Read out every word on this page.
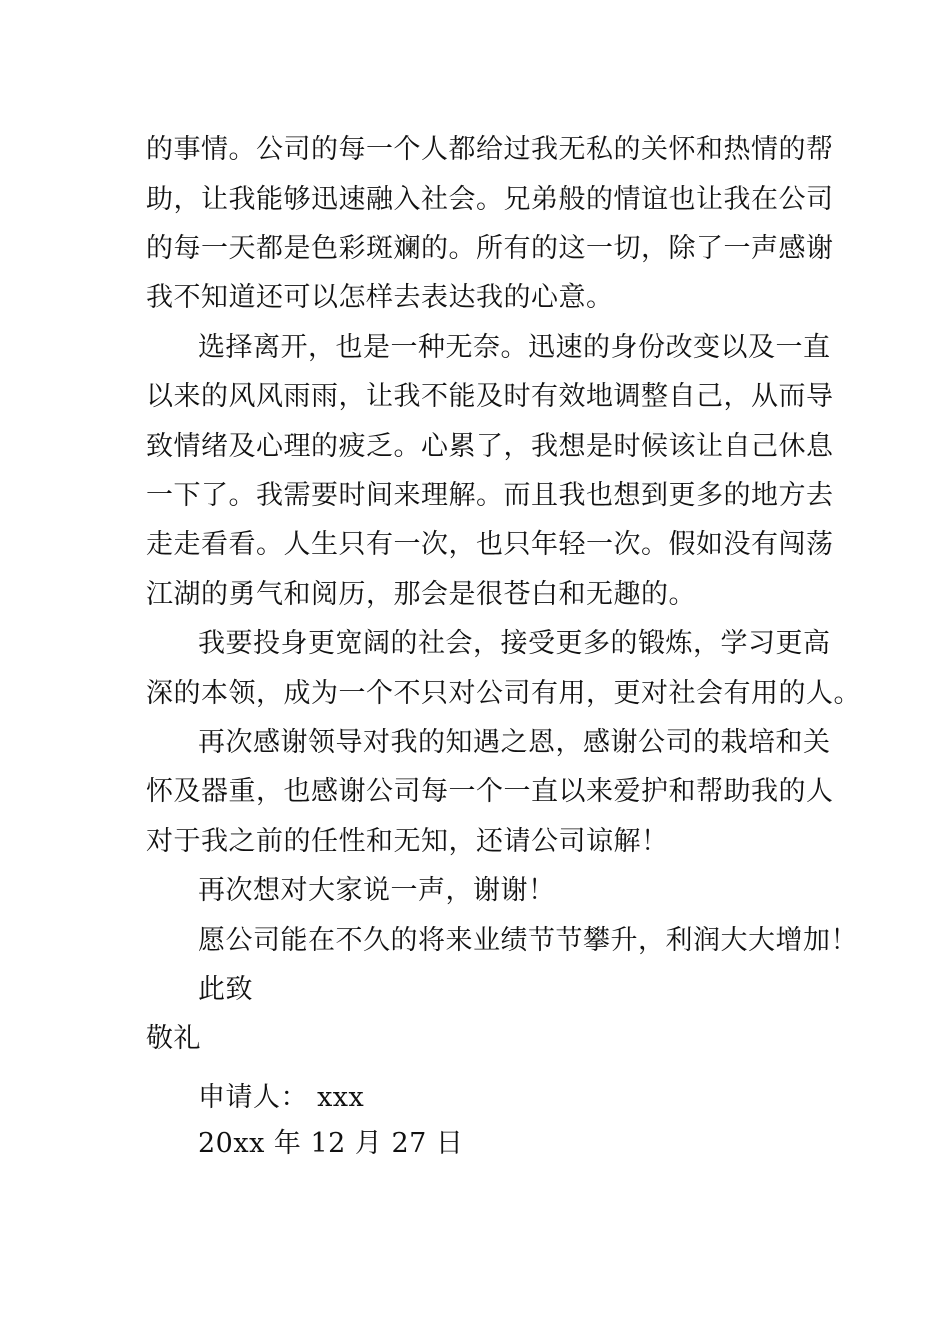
的事情。公司的每一个人都给过我无私的关怀和热情的帮
助，让我能够迅速融入社会。兄弟般的情谊也让我在公司
的每一天都是色彩斑斓的。所有的这一切，除了一声感谢
我不知道还可以怎样去表达我的心意。
选择离开，也是一种无奈。迅速的身份改变以及一直
以来的风风雨雨，让我不能及时有效地调整自己，从而导
致情绪及心理的疲乏。心累了，我想是时候该让自己休息
一下了。我需要时间来理解。而且我也想到更多的地方去
走走看看。人生只有一次，也只年轻一次。假如没有闯荡
江湖的勇气和阅历，那会是很苍白和无趣的。
我要投身更宽阔的社会，接受更多的锻炼，学习更高
深的本领，成为一个不只对公司有用，更对社会有用的人。
再次感谢领导对我的知遇之恩，感谢公司的栽培和关
怀及器重，也感谢公司每一个一直以来爱护和帮助我的人
对于我之前的任性和无知，还请公司谅解！
再次想对大家说一声，谢谢！
愿公司能在不久的将来业绩节节攀升，利润大大增加！
此致
敬礼
申请人： xxx
20xx 年 12 月 27 日
